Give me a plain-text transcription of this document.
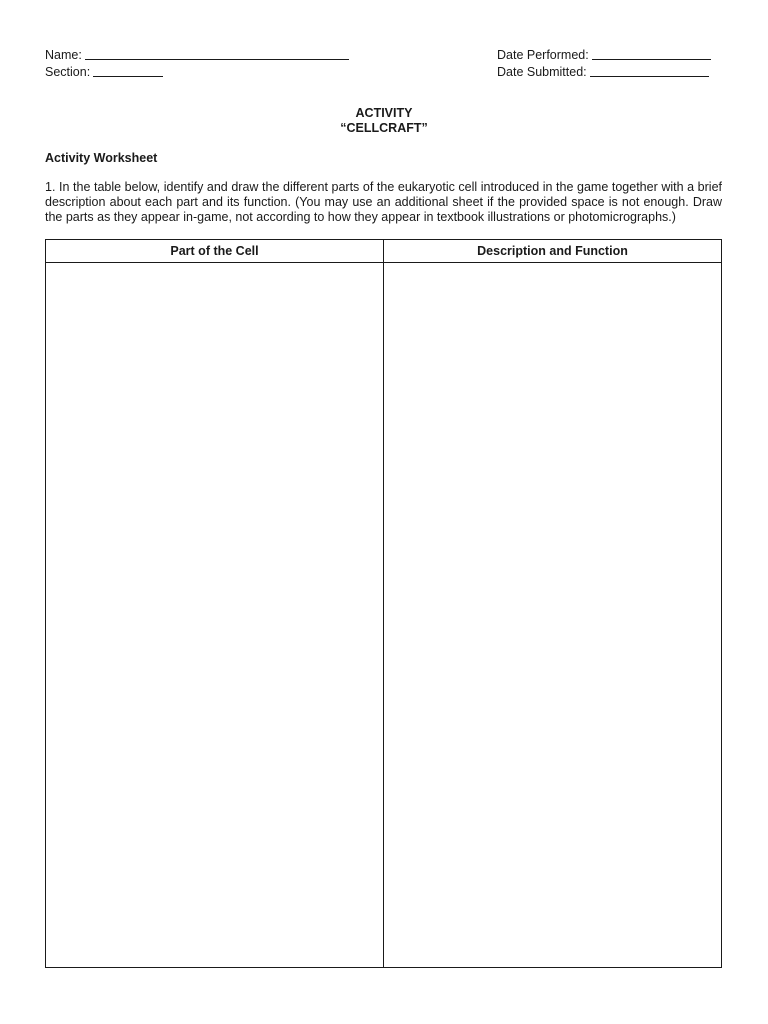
Name:
Section:
Date Performed:
Date Submitted:
ACTIVITY
“CELLCRAFT”
Activity Worksheet
1. In the table below, identify and draw the different parts of the eukaryotic cell introduced in the game together with a brief description about each part and its function. (You may use an additional sheet if the provided space is not enough. Draw the parts as they appear in-game, not according to how they appear in textbook illustrations or photomicrographs.)
Part of the Cell	Description and Function
